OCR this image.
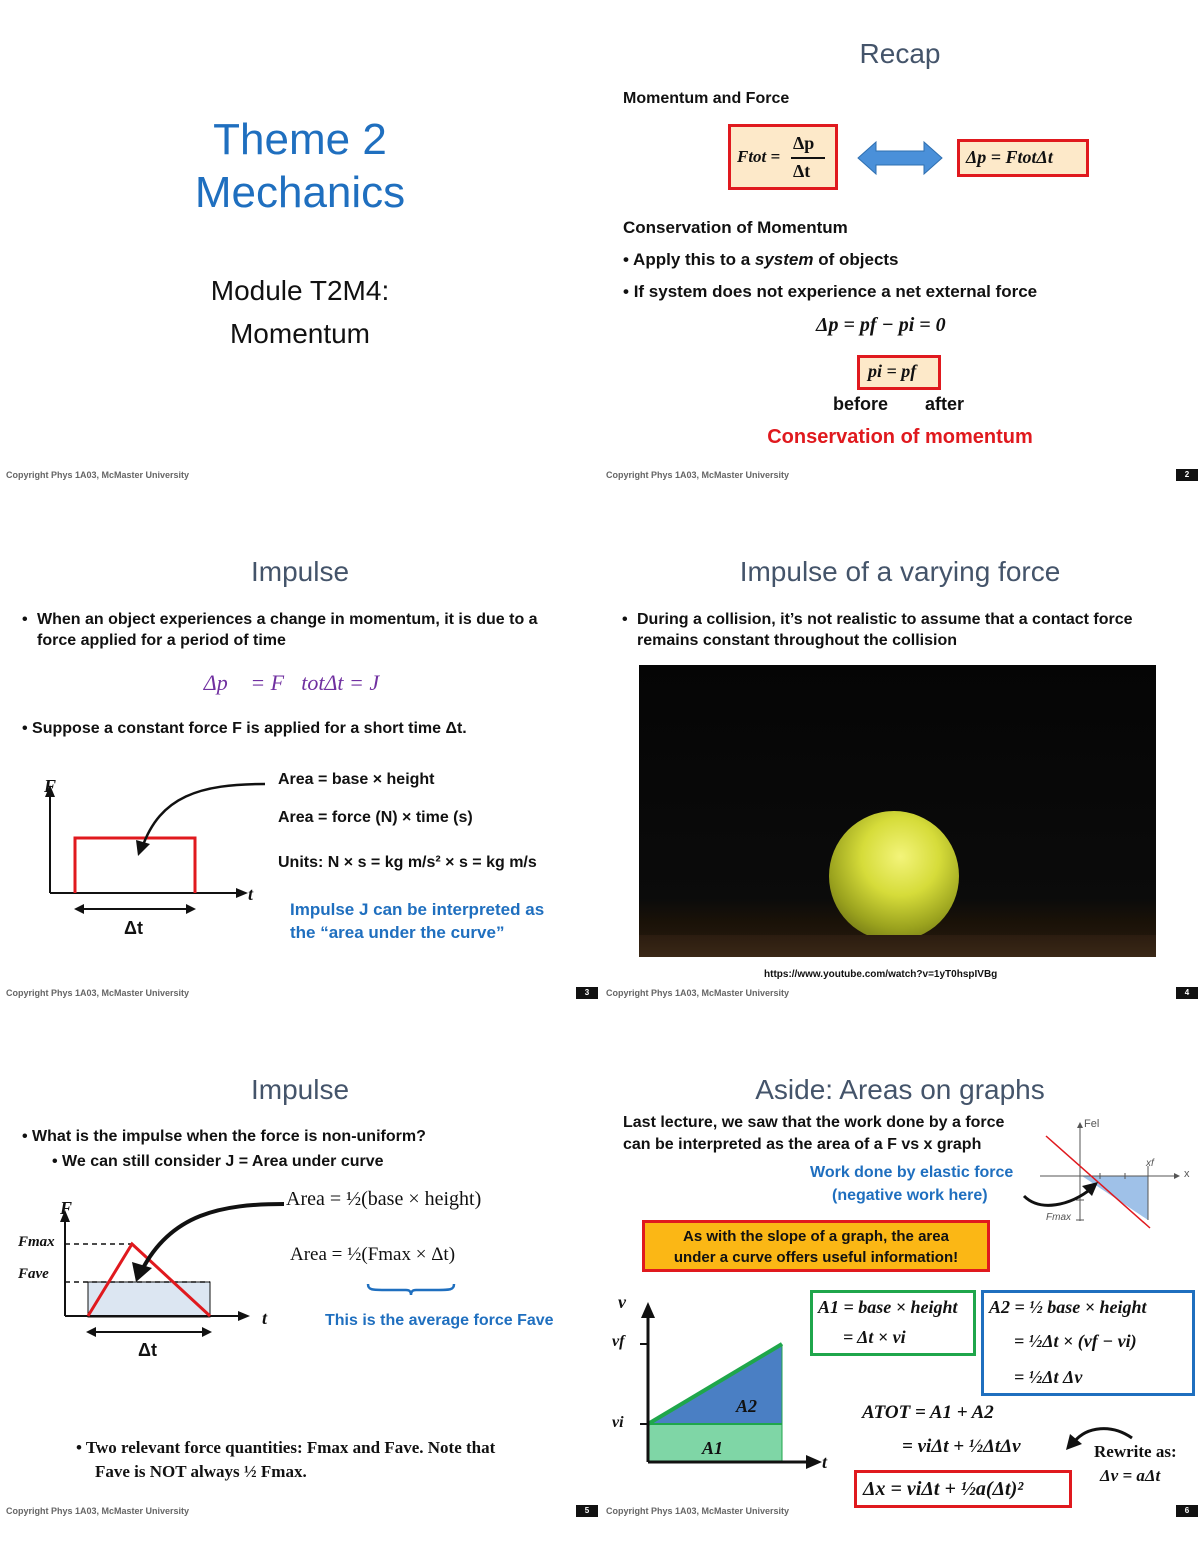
Theme 2
Mechanics
Module T2M4:
Momentum
Copyright Phys 1A03, McMaster University
Recap
Momentum and Force
Ftot =
Δp
Δt
Δp = FtotΔt
Conservation of Momentum
• Apply this to a system of objects
• If system does not experience a net external force
Δp = pf − pi = 0
pi = pf
before after
Conservation of momentum
Copyright Phys 1A03, McMaster University	2
Impulse
• When an object experiences a change in momentum, it is due to a force applied for a period of time
Δp⃗ = F⃗totΔt = J⃗
• Suppose a constant force F is applied for a short time Δt.
F
t
Δt
Area = base × height
Area = force (N) × time (s)
Units: N × s = kg m/s² × s = kg m/s
Impulse J can be interpreted as
the “area under the curve”
Copyright Phys 1A03, McMaster University	3
Impulse of a varying force
• During a collision, it’s not realistic to assume that a contact force remains constant throughout the collision
https://www.youtube.com/watch?v=1yT0hspIVBg
Copyright Phys 1A03, McMaster University	4
Impulse
• What is the impulse when the force is non-uniform?
• We can still consider J = Area under curve
F
t
Fmax
Fave
Δt
Area = ½(base × height)
Area = ½(Fmax × Δt)
This is the average force Fave
• Two relevant force quantities: Fmax and Fave. Note that
Fave is NOT always ½ Fmax.
Copyright Phys 1A03, McMaster University	5
Aside: Areas on graphs
Last lecture, we saw that the work done by a force
can be interpreted as the area of a F vs x graph
Work done by elastic force
(negative work here)
Fel
xf
x
Fmax
As with the slope of a graph, the area
under a curve offers useful information!
v
t
vf
vi
A2
A1
A1 = base × height
= Δt × vi
A2 = ½ base × height
= ½Δt × (vf − vi)
= ½Δt Δv
ATOT = A1 + A2
= viΔt + ½ΔtΔv	Rewrite as:
Δv = aΔt
Δx = viΔt + ½a(Δt)²
Copyright Phys 1A03, McMaster University	6
